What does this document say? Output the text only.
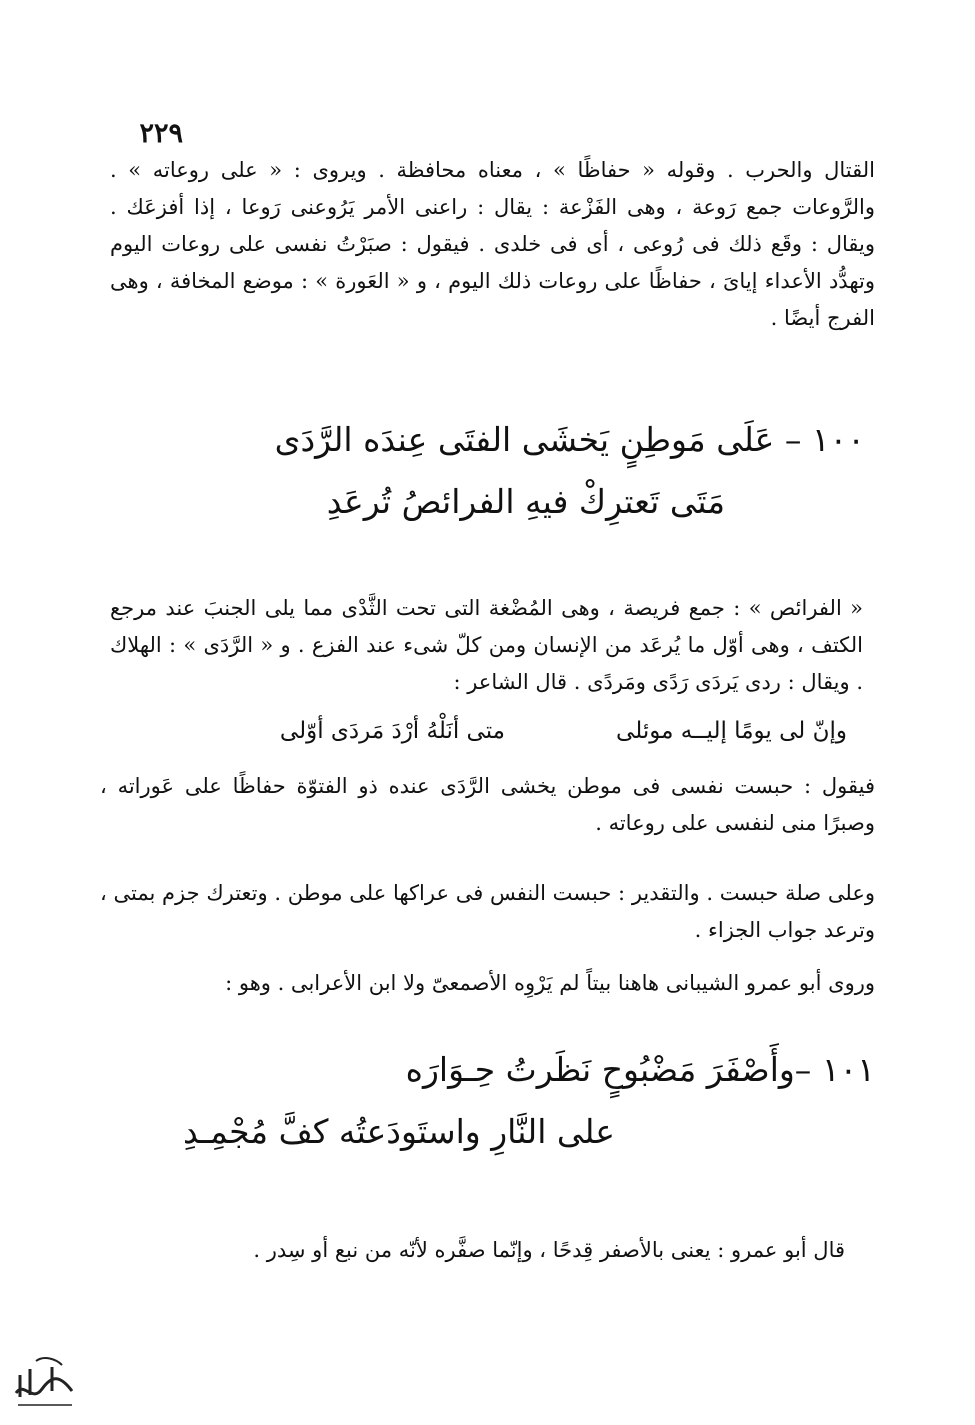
٢٢٩
القتال والحرب . وقوله « حفاظًا » ، معناه محافظة . ويروى : « على روعاته » . والرَّوعات جمع رَوعة ، وهى الفَزْعة : يقال : راعنى الأمر يَرُوعنى رَوعا ، إذا أفزعَك . ويقال : وقَع ذلك فى رُوعى ، أى فى خلدى . فيقول : صبَرْتُ نفسى على روعات اليوم وتهدُّد الأعداء إياىَ ، حفاظًا على روعات ذلك اليوم ، و « العَورة » : موضع المخافة ، وهى الفرج أيضًا .
١٠٠ – عَلَى مَوطِنٍ يَخشَى الفتَى عِندَه الرَّدَى
مَتَى تَعترِكْ فيهِ الفرائصُ تُرعَدِ
« الفرائص » : جمع فريصة ، وهى المُضْغة التى تحت الثَّدْى مما يلى الجنبَ عند مرجع الكتف ، وهى أوّل ما يُرعَد من الإنسان ومن كلّ شىء عند الفزع . و « الرَّدَى » : الهلاك . ويقال : ردى يَردَى رَدًى ومَردًى . قال الشاعر :
وإنّ لى يومًا إليــه موئلى
متى أنَلْهُ أرْدَ مَردَى أوّلى
فيقول : حبست نفسى فى موطن يخشى الرَّدَى عنده ذو الفتوّة حفاظًا على عَوراته ، وصبرًا منى لنفسى على روعاته .
وعلى صلة حبست . والتقدير : حبست النفس فى عراكها على موطن . وتعترك جزم بمتى ، وترعد جواب الجزاء .
وروى أبو عمرو الشيبانى هاهنا بيتاً لم يَرْوِه الأصمعىّ ولا ابن الأعرابى . وهو :
١٠١ –وأَصْفَرَ مَضْبُوحٍ نَظَرتُ حِـوَارَه
على النَّارِ واستَودَعتُه كفَّ مُجْمِـدِ
قال أبو عمرو : يعنى بالأصفر قِدحًا ، وإنّما صفَّره لأنّه من نبع أو سِدر .
